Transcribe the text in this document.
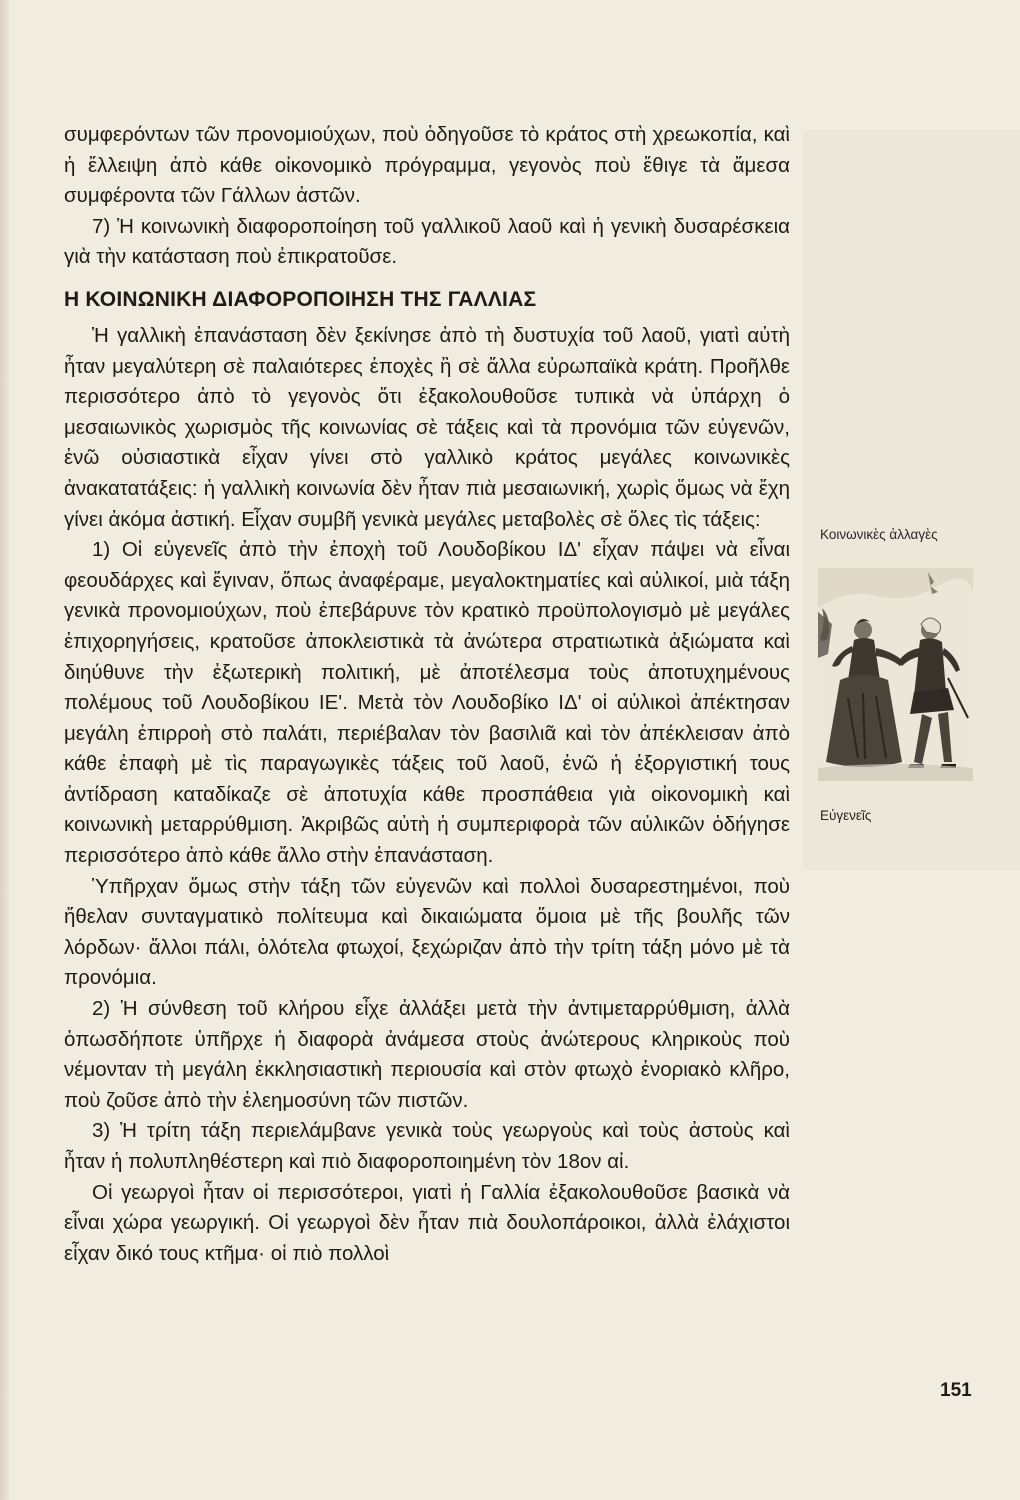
συμφερόντων τῶν προνομιούχων, ποὺ ὁδηγοῦσε τὸ κράτος στὴ χρεωκοπία, καὶ ἡ ἔλλειψη ἀπὸ κάθε οἰκονομικὸ πρόγραμμα, γεγονὸς ποὺ ἔθιγε τὰ ἄμεσα συμφέροντα τῶν Γάλλων ἀστῶν.

7) Ἡ κοινωνικὴ διαφοροποίηση τοῦ γαλλικοῦ λαοῦ καὶ ἡ γενικὴ δυσαρέσκεια γιὰ τὴν κατάσταση ποὺ ἐπικρατοῦσε.

Η ΚΟΙΝΩΝΙΚΗ ΔΙΑΦΟΡΟΠΟΙΗΣΗ ΤΗΣ ΓΑΛΛΙΑΣ

Ἡ γαλλικὴ ἐπανάσταση δὲν ξεκίνησε ἀπὸ τὴ δυστυχία τοῦ λαοῦ, γιατὶ αὐτὴ ἦταν μεγαλύτερη σὲ παλαιότερες ἐποχὲς ἢ σὲ ἄλλα εὐρωπαϊκὰ κράτη. Προῆλθε περισσότερο ἀπὸ τὸ γεγονὸς ὅτι ἐξακολουθοῦσε τυπικὰ νὰ ὑπάρχη ὁ μεσαιωνικὸς χωρισμὸς τῆς κοινωνίας σὲ τάξεις καὶ τὰ προνόμια τῶν εὐγενῶν, ἐνῶ οὐσιαστικὰ εἶχαν γίνει στὸ γαλλικὸ κράτος μεγάλες κοινωνικὲς ἀνακατατάξεις: ἡ γαλλικὴ κοινωνία δὲν ἦταν πιὰ μεσαιωνική, χωρὶς ὅμως νὰ ἔχη γίνει ἀκόμα ἀστική. Εἶχαν συμβῆ γενικὰ μεγάλες μεταβολὲς σὲ ὅλες τὶς τάξεις:

1) Οἱ εὐγενεῖς ἀπὸ τὴν ἐποχὴ τοῦ Λουδοβίκου ΙΔ' εἶχαν πάψει νὰ εἶναι φεουδάρχες καὶ ἔγιναν, ὅπως ἀναφέραμε, μεγαλοκτηματίες καὶ αὐλικοί, μιὰ τάξη γενικὰ προνομιούχων, ποὺ ἐπεβάρυνε τὸν κρατικὸ προϋπολογισμὸ μὲ μεγάλες ἐπιχορηγήσεις, κρατοῦσε ἀποκλειστικὰ τὰ ἀνώτερα στρατιωτικὰ ἀξιώματα καὶ διηύθυνε τὴν ἐξωτερικὴ πολιτική, μὲ ἀποτέλεσμα τοὺς ἀποτυχημένους πολέμους τοῦ Λουδοβίκου ΙΕ'. Μετὰ τὸν Λουδοβίκο ΙΔ' οἱ αὐλικοὶ ἀπέκτησαν μεγάλη ἐπιρροὴ στὸ παλάτι, περιέβαλαν τὸν βασιλιᾶ καὶ τὸν ἀπέκλεισαν ἀπὸ κάθε ἐπαφὴ μὲ τὶς παραγωγικὲς τάξεις τοῦ λαοῦ, ἐνῶ ἡ ἐξοργιστική τους ἀντίδραση καταδίκαζε σὲ ἀποτυχία κάθε προσπάθεια γιὰ οἰκονομικὴ καὶ κοινωνικὴ μεταρρύθμιση. Ἀκριβῶς αὐτὴ ἡ συμπεριφορὰ τῶν αὐλικῶν ὁδήγησε περισσότερο ἀπὸ κάθε ἄλλο στὴν ἐπανάσταση.

Ὑπῆρχαν ὅμως στὴν τάξη τῶν εὐγενῶν καὶ πολλοὶ δυσαρεστημένοι, ποὺ ἤθελαν συνταγματικὸ πολίτευμα καὶ δικαιώματα ὅμοια μὲ τῆς βουλῆς τῶν λόρδων· ἄλλοι πάλι, ὁλότελα φτωχοί, ξεχώριζαν ἀπὸ τὴν τρίτη τάξη μόνο μὲ τὰ προνόμια.

2) Ἡ σύνθεση τοῦ κλήρου εἶχε ἀλλάξει μετὰ τὴν ἀντιμεταρρύθμιση, ἀλλὰ ὁπωσδήποτε ὑπῆρχε ἡ διαφορὰ ἀνάμεσα στοὺς ἀνώτερους κληρικοὺς ποὺ νέμονταν τὴ μεγάλη ἐκκλησιαστικὴ περιουσία καὶ στὸν φτωχὸ ἐνοριακὸ κλῆρο, ποὺ ζοῦσε ἀπὸ τὴν ἐλεημοσύνη τῶν πιστῶν.

3) Ἡ τρίτη τάξη περιελάμβανε γενικὰ τοὺς γεωργοὺς καὶ τοὺς ἀστοὺς καὶ ἦταν ἡ πολυπληθέστερη καὶ πιὸ διαφοροποιημένη τὸν 18ον αἰ.

Οἱ γεωργοὶ ἦταν οἱ περισσότεροι, γιατὶ ἡ Γαλλία ἐξακολουθοῦσε βασικὰ νὰ εἶναι χώρα γεωργική. Οἱ γεωργοὶ δὲν ἦταν πιὰ δουλοπάροικοι, ἀλλὰ ἐλάχιστοι εἶχαν δικό τους κτῆμα· οἱ πιὸ πολλοὶ

Κοινωνικὲς ἀλλαγὲς
Εὐγενεῖς
151
